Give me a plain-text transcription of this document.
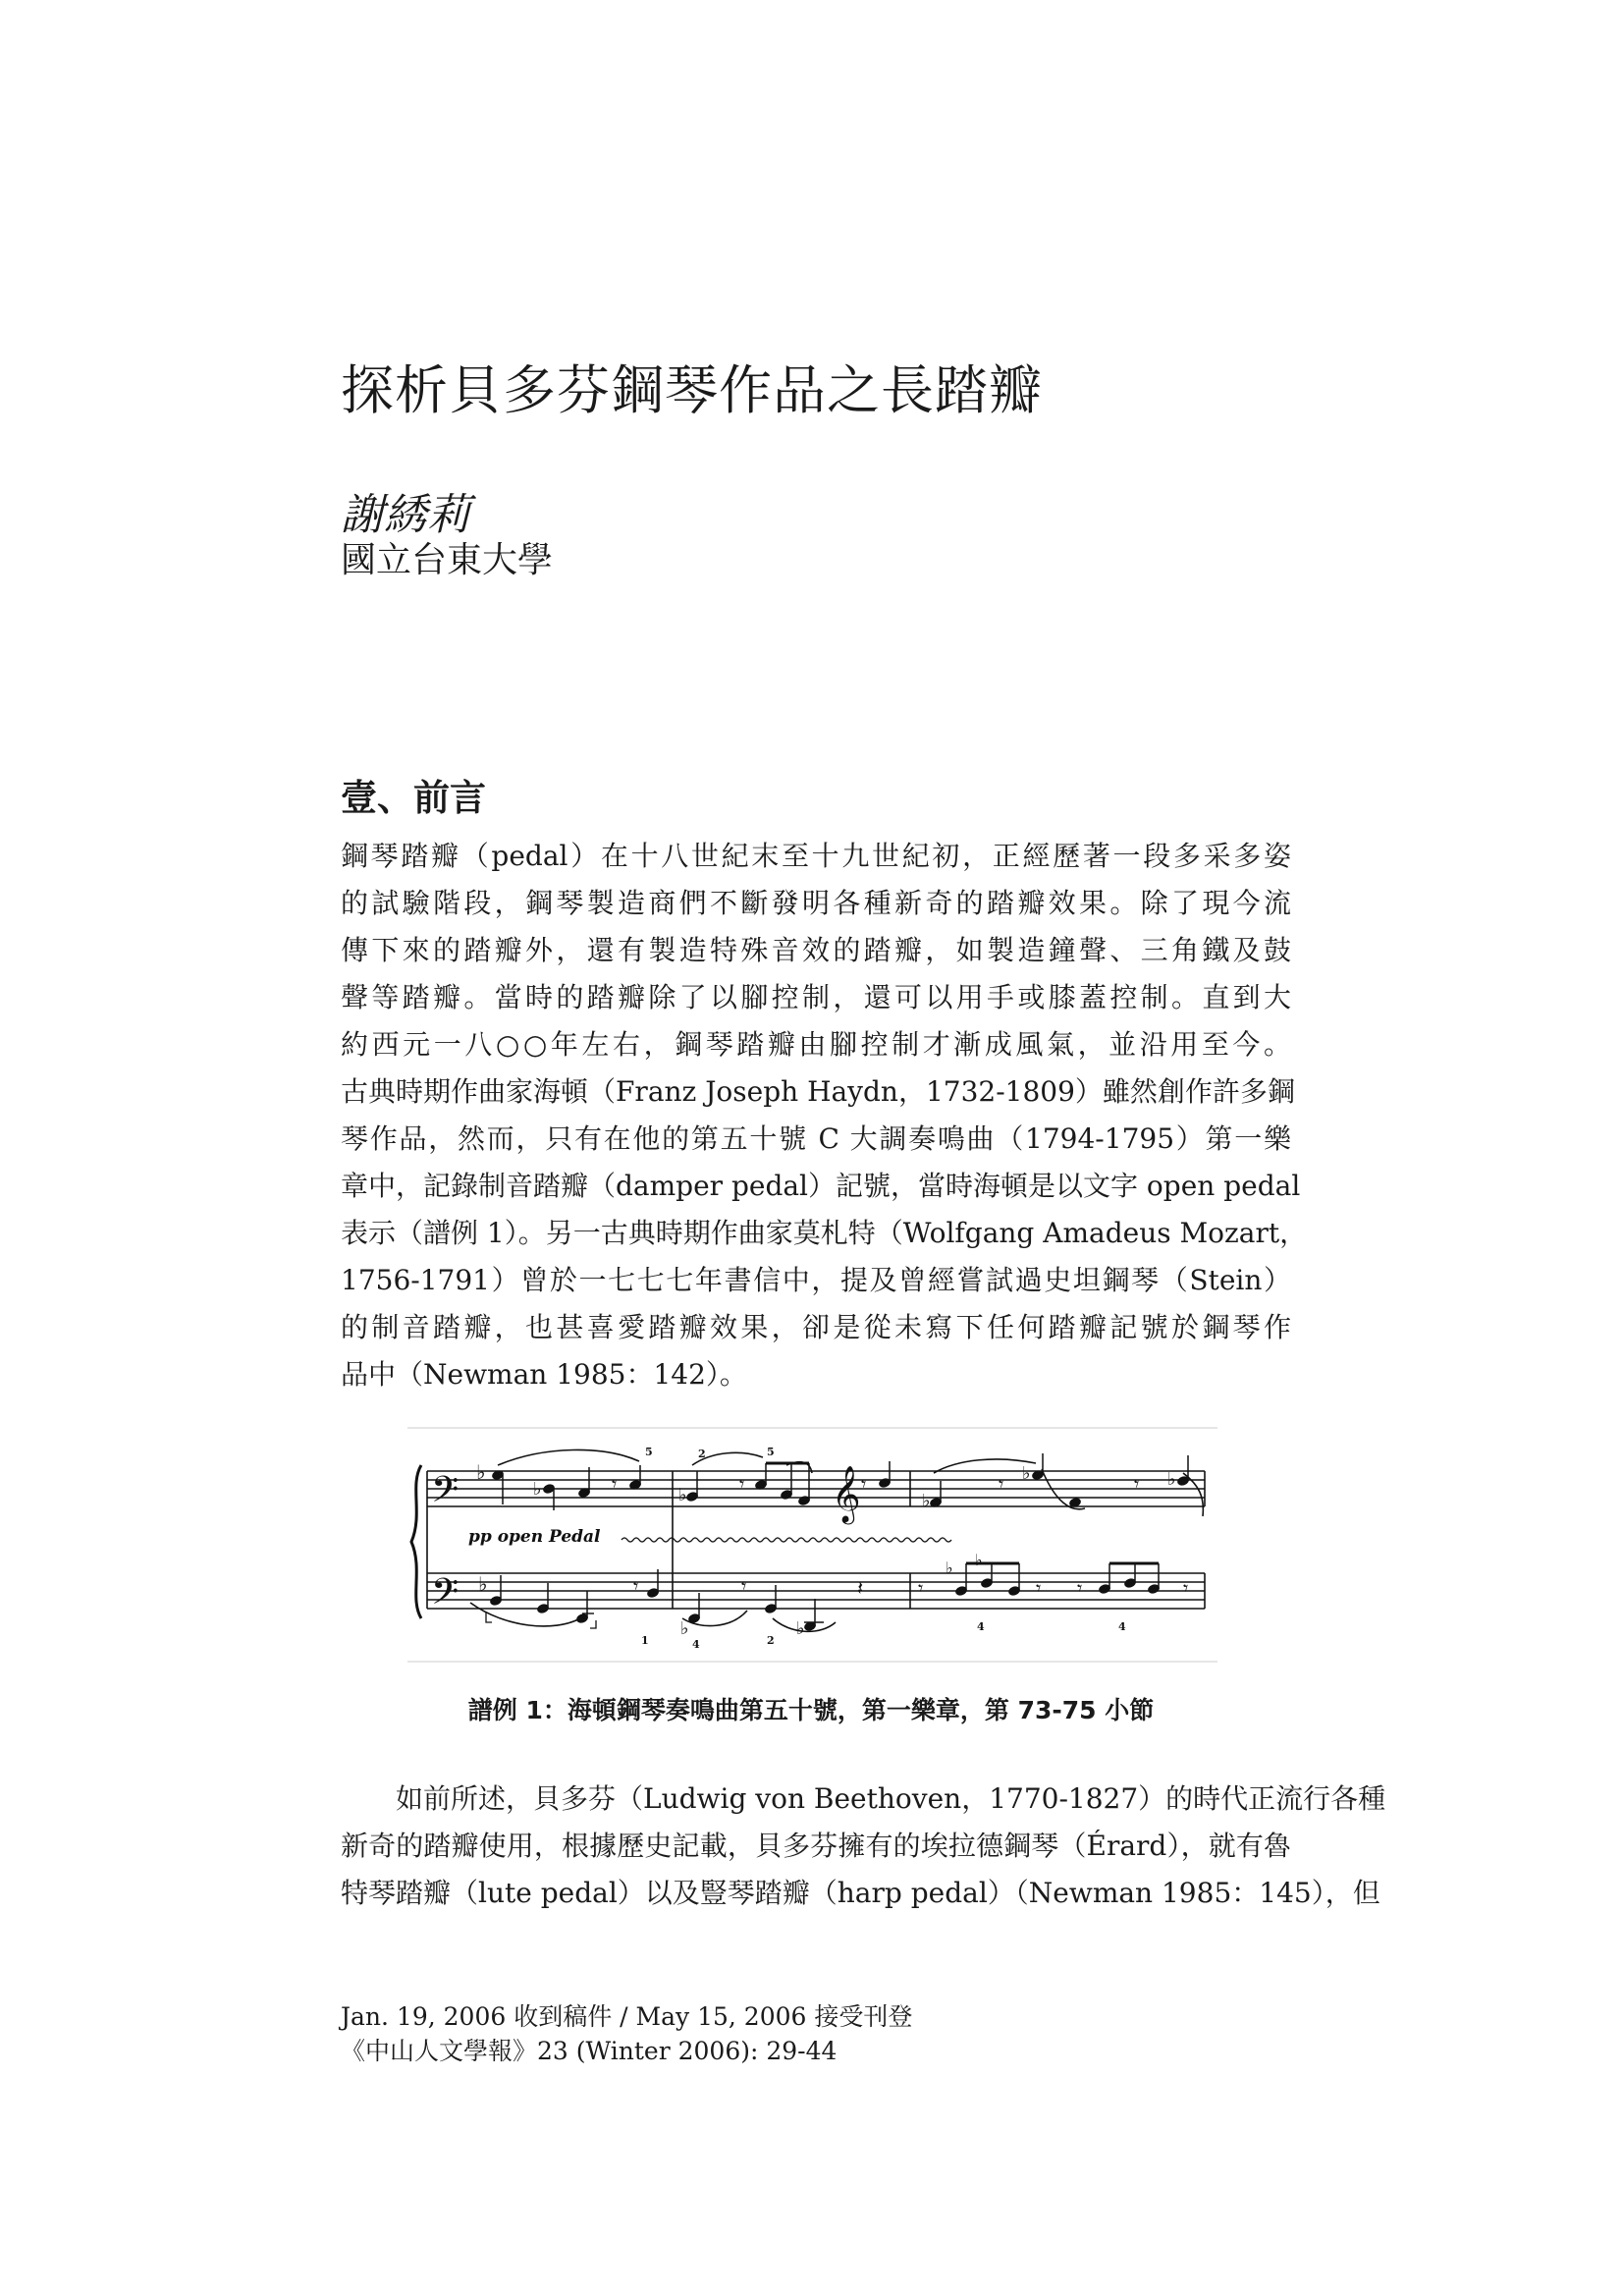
探析貝多芬鋼琴作品之長踏瓣

謝綉莉

國立台東大學

壹、前言
鋼琴踏瓣（pedal）在十八世紀末至十九世紀初，正經歷著一段多采多姿
的試驗階段，鋼琴製造商們不斷發明各種新奇的踏瓣效果。除了現今流
傳下來的踏瓣外，還有製造特殊音效的踏瓣，如製造鐘聲、三角鐵及鼓
聲等踏瓣。當時的踏瓣除了以腳控制，還可以用手或膝蓋控制。直到大
約西元一八○○年左右，鋼琴踏瓣由腳控制才漸成風氣，並沿用至今。
古典時期作曲家海頓（Franz Joseph Haydn，1732-1809）雖然創作許多鋼
琴作品，然而，只有在他的第五十號 C 大調奏鳴曲（1794-1795）第一樂
章中，記錄制音踏瓣（damper pedal）記號，當時海頓是以文字 open pedal
表示（譜例 1）。另一古典時期作曲家莫札特（Wolfgang Amadeus Mozart，
1756-1791）曾於一七七七年書信中，提及曾經嘗試過史坦鋼琴（Stein）
的制音踏瓣，也甚喜愛踏瓣效果，卻是從未寫下任何踏瓣記號於鋼琴作
品中（Newman 1985：142）。
𝄢
𝄢
𝄞
♭
♭
♭	♭	♭
♭	♭
𝄾	𝄾	𝄾	𝄾	𝄾
𝄾	𝄾	𝄽	𝄾	𝄾 𝄾	𝄾
♭	♭
♭ ♭
pp open Pedal
5	2	5
1	4	2
4	4

譜例 1：海頓鋼琴奏鳴曲第五十號，第一樂章，第 73-75 小節

如前所述，貝多芬（Ludwig von Beethoven，1770-1827）的時代正流行各種
新奇的踏瓣使用，根據歷史記載，貝多芬擁有的埃拉德鋼琴（Érard），就有魯
特琴踏瓣（lute pedal）以及豎琴踏瓣（harp pedal）（Newman 1985：145），但
Jan. 19, 2006 收到稿件 / May 15, 2006 接受刊登
《中山人文學報》23 (Winter 2006): 29-44
